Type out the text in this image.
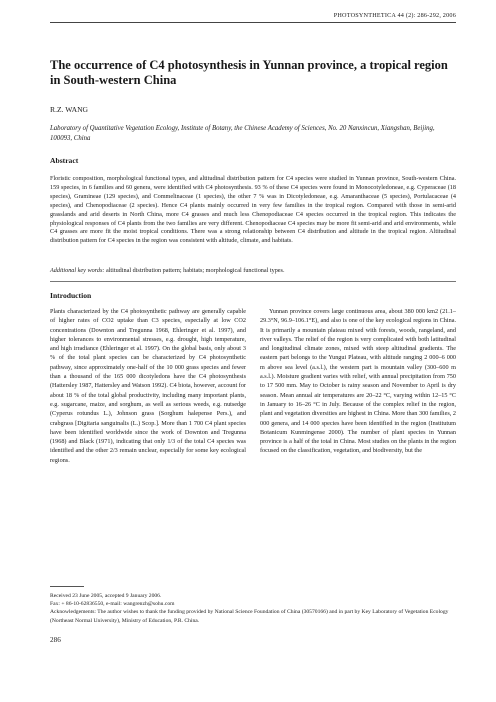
PHOTOSYNTHETICA 44 (2): 286-292, 2006
The occurrence of C4 photosynthesis in Yunnan province, a tropical region in South-western China
R.Z. WANG
Laboratory of Quantitative Vegetation Ecology, Institute of Botany, the Chinese Academy of Sciences, No. 20 Nanxincun, Xiangshan, Beijing, 100093, China
Abstract

Floristic composition, morphological functional types, and altitudinal distribution pattern for C4 species were studied in Yunnan province, South-western China. 159 species, in 6 families and 60 genera, were identified with C4 photosynthesis. 93 % of these C4 species were found in Monocotyledoneae, e.g. Cyperaceae (18 species), Gramineae (129 species), and Commelinaceae (1 species), the other 7 % was in Dicotyledoneae, e.g. Amaranthaceae (5 species), Portulacaceae (4 species), and Chenopodiaceae (2 species). Hence C4 plants mainly occurred in very few families in the tropical region. Compared with those in semi-arid grasslands and arid deserts in North China, more C4 grasses and much less Chenopodiaceae C4 species occurred in the tropical region. This indicates the physiological responses of C4 plants from the two families are very different. Chenopodiaceae C4 species may be more fit semi-arid and arid environments, while C4 grasses are more fit the moist tropical conditions. There was a strong relationship between C4 distribution and altitude in the tropical region. Altitudinal distribution pattern for C4 species in the region was consistent with altitude, climate, and habitats.

Additional key words: altitudinal distribution pattern; habitats; morphological functional types.
Introduction

Plants characterized by the C4 photosynthetic pathway are generally capable of higher rates of CO2 uptake than C3 species, especially at low CO2 concentrations (Downton and Tregunna 1968, Ehleringer et al. 1997), and higher tolerances to environmental stresses, e.g. drought, high temperature, and high irradiance (Ehleringer et al. 1997). On the global basis, only about 3 % of the total plant species can be characterized by C4 photosynthetic pathway, since approximately one-half of the 10 000 grass species and fewer than a thousand of the 165 000 dicotyledons have the C4 photosynthesis (Hattersley 1987, Hattersley and Watson 1992). C4 biota, however, account for about 18 % of the total global productivity, including many important plants, e.g. sugarcane, maize, and sorghum, as well as serious weeds, e.g. nutsedge (Cyperus rotundus L.), Johnson grass (Sorghum halepense Pers.), and crabgrass [Digitaria sanguinalis (L.) Scop.]. More than 1 700 C4 plant species have been identified worldwide since the work of Downton and Tregunna (1968) and Black (1971), indicating that only 1/3 of the total C4 species was identified and the other 2/3 remain unclear, especially for some key ecological regions.

Yunnan province covers large continuous area, about 380 000 km2 (21.1–29.3°N, 96.9–106.1°E), and also is one of the key ecological regions in China. It is primarily a mountain plateau mixed with forests, woods, rangeland, and river valleys. The relief of the region is very complicated with both latitudinal and longitudinal climate zones, mixed with steep altitudinal gradients. The eastern part belongs to the Yungui Plateau, with altitude ranging 2 000–6 000 m above sea level (a.s.l.), the western part is mountain valley (300–600 m a.s.l.). Moisture gradient varies with relief, with annual precipitation from 750 to 17 500 mm. May to October is rainy season and November to April is dry season. Mean annual air temperatures are 20–22 °C, varying within 12–15 °C in January to 16–26 °C in July. Because of the complex relief in the region, plant and vegetation diversities are highest in China. More than 300 families, 2 000 genera, and 14 000 species have been identified in the region (Institutum Botanicum Kunmingense 2000). The number of plant species in Yunnan province is a half of the total in China. Most studies on the plants in the region focused on the classification, vegetation, and biodiversity, but the

Received 23 June 2005, accepted 9 January 2006.
Fax: + 86-10-62836550, e-mail: wangrenzh@sohu.com
Acknowledgements: The author wishes to thank the funding provided by National Science Foundation of China (30570166) and in part by Key Laboratory of Vegetation Ecology (Northeast Normal University), Ministry of Education, P.R. China.
286
